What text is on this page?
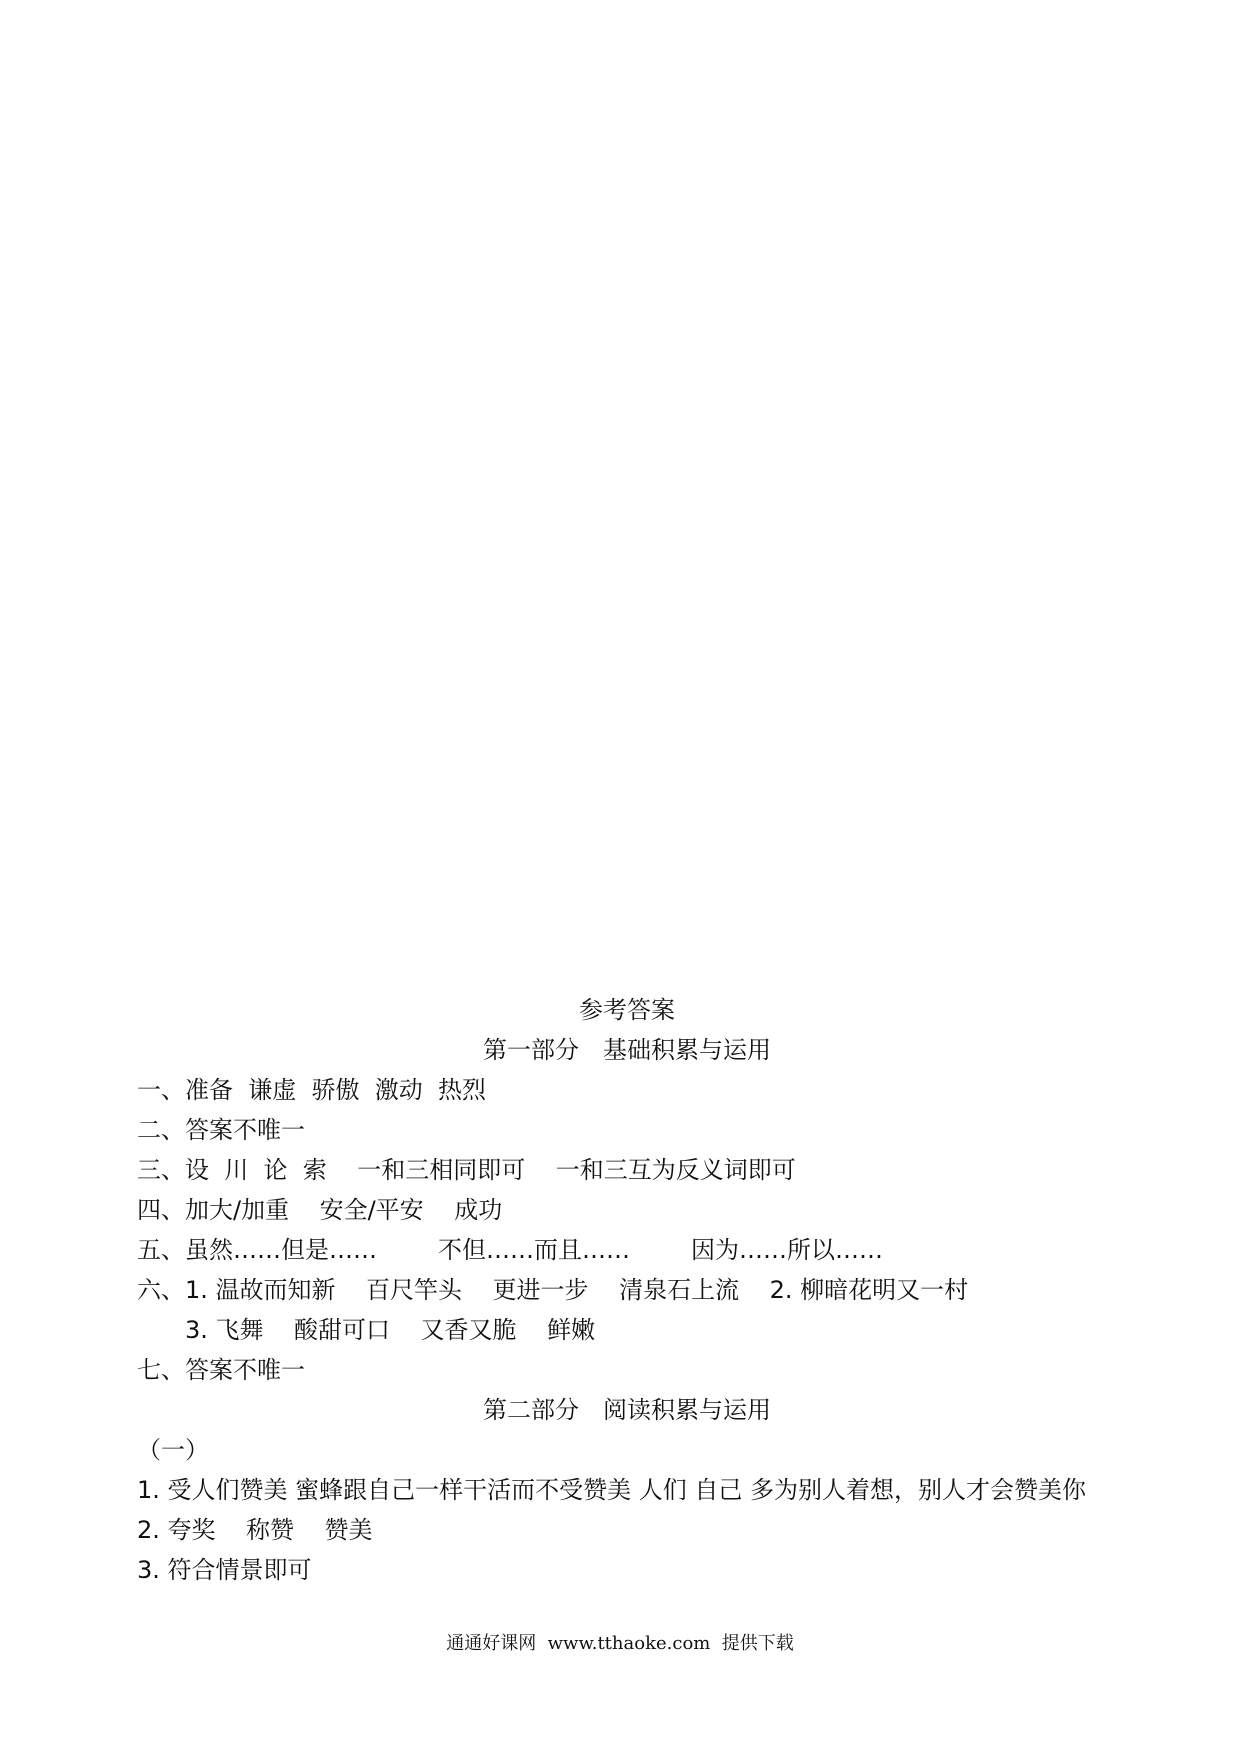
参考答案
第一部分　基础积累与运用
一、准备  谦虚  骄傲  激动  热烈
二、答案不唯一
三、设  川  论  索    一和三相同即可    一和三互为反义词即可
四、加大/加重    安全/平安    成功
五、虽然……但是……        不但……而且……        因为……所以……
六、1. 温故而知新    百尺竿头    更进一步    清泉石上流    2. 柳暗花明又一村
3. 飞舞    酸甜可口    又香又脆    鲜嫩
七、答案不唯一
第二部分　阅读积累与运用
（一）
1. 受人们赞美 蜜蜂跟自己一样干活而不受赞美 人们 自己 多为别人着想，别人才会赞美你
2. 夸奖    称赞    赞美
3. 符合情景即可
通通好课网  www.tthaoke.com  提供下载
